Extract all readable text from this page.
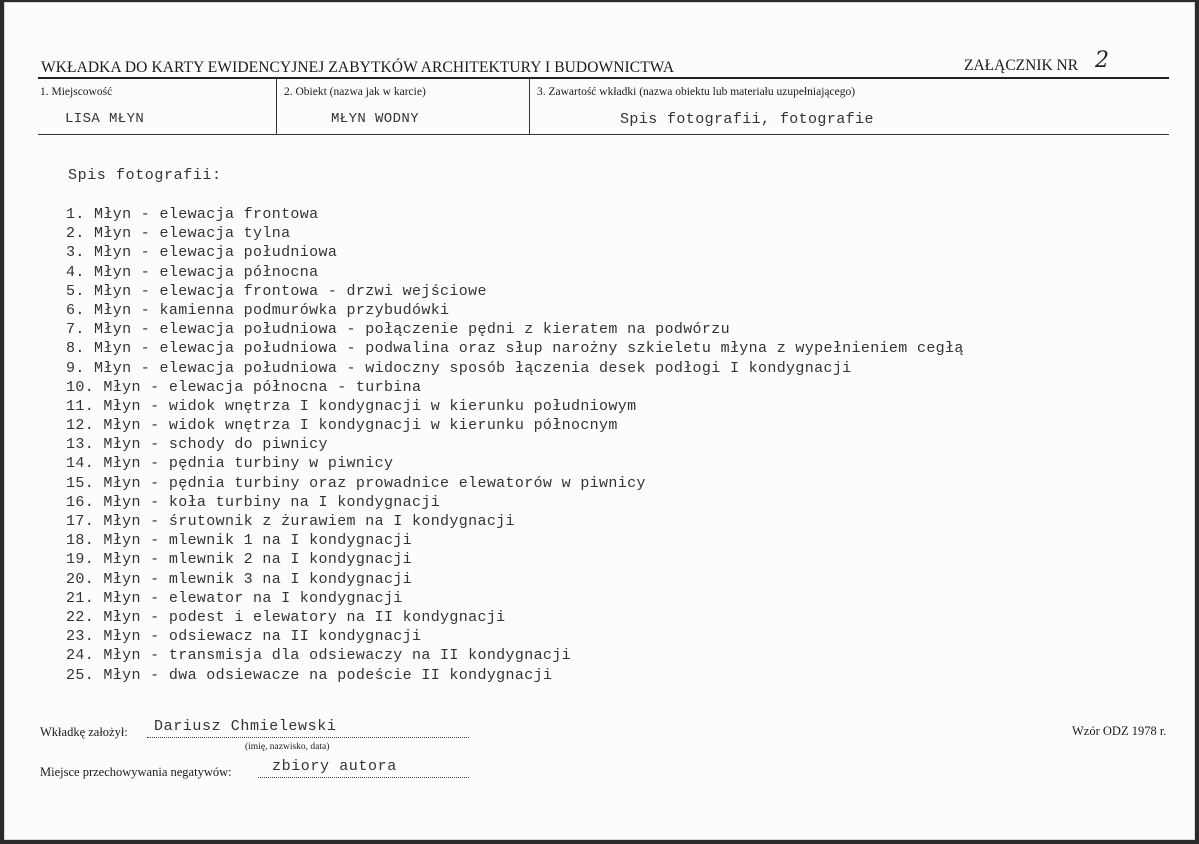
WKŁADKA DO KARTY EWIDENCYJNEJ ZABYTKÓW ARCHITEKTURY I BUDOWNICTWA	ZAŁĄCZNIK NR 2
1. Miejscowość
LISA MŁYN
2. Obiekt (nazwa jak w karcie)
MŁYN WODNY
3. Zawartość wkładki (nazwa obiektu lub materiału uzupełniającego)
Spis fotografii, fotografie
Spis fotografii:
1. Młyn - elewacja frontowa
2. Młyn - elewacja tylna
3. Młyn - elewacja południowa
4. Młyn - elewacja północna
5. Młyn - elewacja frontowa - drzwi wejściowe
6. Młyn - kamienna podmurówka przybudówki
7. Młyn - elewacja południowa - połączenie pędni z kieratem na podwórzu
8. Młyn - elewacja południowa - podwalina oraz słup narożny szkieletu młyna z wypełnieniem cegłą
9. Młyn - elewacja południowa - widoczny sposób łączenia desek podłogi I kondygnacji
10. Młyn - elewacja północna - turbina
11. Młyn - widok wnętrza I kondygnacji w kierunku południowym
12. Młyn - widok wnętrza I kondygnacji w kierunku północnym
13. Młyn - schody do piwnicy
14. Młyn - pędnia turbiny w piwnicy
15. Młyn - pędnia turbiny oraz prowadnice elewatorów w piwnicy
16. Młyn - koła turbiny na I kondygnacji
17. Młyn - śrutownik z żurawiem na I kondygnacji
18. Młyn - mlewnik 1 na I kondygnacji
19. Młyn - mlewnik 2 na I kondygnacji
20. Młyn - mlewnik 3 na I kondygnacji
21. Młyn - elewator na I kondygnacji
22. Młyn - podest i elewatory na II kondygnacji
23. Młyn - odsiewacz na II kondygnacji
24. Młyn - transmisja dla odsiewaczy na II kondygnacji
25. Młyn - dwa odsiewacze na podeście II kondygnacji
Wkładkę założył: Dariusz Chmielewski
(imię, nazwisko, data)
Miejsce przechowywania negatywów:	zbiory autora
Wzór ODZ 1978 r.
